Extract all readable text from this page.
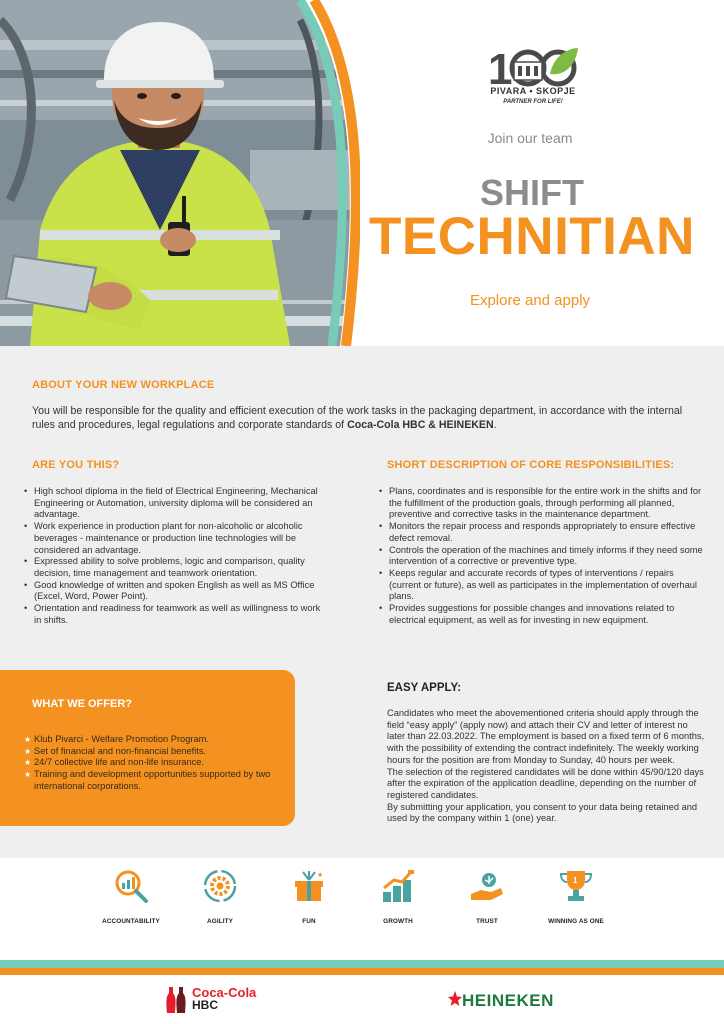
1
PIVARA • SKOPJE
PARTNER FOR LIFE!
Join our team
SHIFT
TECHNITIAN
Explore and apply
ABOUT YOUR NEW WORKPLACE
You will be responsible for the quality and efficient execution of the work tasks in the packaging department, in accordance with the internal rules and procedures, legal regulations and corporate standards of Coca-Cola HBC & HEINEKEN.
ARE YOU THIS?
• High school diploma in the field of Electrical Engineering, Mechanical Engineering or Automation, university diploma will be considered an advantage.
• Work experience in production plant for non-alcoholic or alcoholic beverages - maintenance or production line technologies will be considered an advantage.
• Expressed ability to solve problems, logic and comparison, quality decision, time management and teamwork orientation.
• Good knowledge of written and spoken English as well as MS Office (Excel, Word, Power Point).
• Orientation and readiness for teamwork as well as willingness to work in shifts.
SHORT DESCRIPTION OF CORE RESPONSIBILITIES:
• Plans, coordinates and is responsible for the entire work in the shifts and for the fulfillment of the production goals, through performing all planned, preventive and corrective tasks in the maintenance department.
• Monitors the repair process and responds appropriately to ensure effective defect removal.
• Controls the operation of the machines and timely informs if they need some intervention of a corrective or preventive type.
• Keeps regular and accurate records of types of interventions / repairs (current or future), as well as participates in the implementation of overhaul plans.
• Provides suggestions for possible changes and innovations related to electrical equipment, as well as for investing in new equipment.
WHAT WE OFFER?
★ Klub Pivarci - Welfare Promotion Program.
★ Set of financial and non-financial benefits.
★ 24/7 collective life and non-life insurance.
★ Training and development opportunities supported by two international corporations.
EASY APPLY:

Candidates who meet the abovementioned criteria should apply through the field “easy apply” (apply now) and attach their CV and letter of interest no later than 22.03.2022. The employment is based on a fixed term of 6 months, with the possibility of extending the contract indefinitely. The weekly working hours for the position are from Monday to Sunday, 40 hours per week.

The selection of the registered candidates will be done within 45/90/120 days after the expiration of the application deadline, depending on the number of registered candidates.

By submitting your application, you consent to your data being retained and used by the company within 1 (one) year.

ACCOUNTABILITY	AGILITY
★
FUN	GROWTH	TRUST
1
WINNING AS ONE
Coca-Cola
HBC	HEINEKEN
